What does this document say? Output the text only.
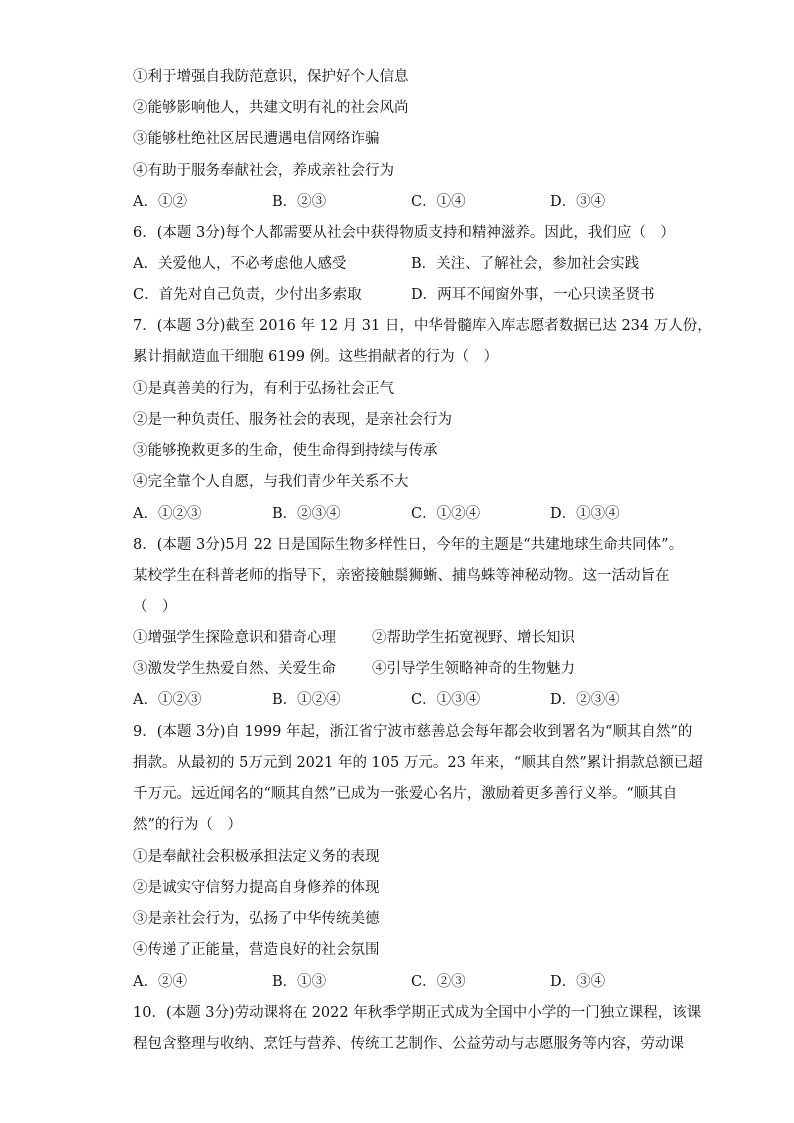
①利于增强自我防范意识，保护好个人信息
②能够影响他人，共建文明有礼的社会风尚
③能够杜绝社区居民遭遇电信网络诈骗
④有助于服务奉献社会，养成亲社会行为
A．①②	B．②③	C．①④	D．③④
6．(本题 3分)每个人都需要从社会中获得物质支持和精神滋养。因此，我们应（　）
A．关爱他人，不必考虑他人感受	B．关注、了解社会，参加社会实践
C．首先对自己负责，少付出多索取	D．两耳不闻窗外事，一心只读圣贤书
7．(本题 3分)截至 2016 年 12 月 31 日，中华骨髓库入库志愿者数据已达 234 万人份，
累计捐献造血干细胞 6199 例。这些捐献者的行为（　）
①是真善美的行为，有利于弘扬社会正气
②是一种负责任、服务社会的表现，是亲社会行为
③能够挽救更多的生命，使生命得到持续与传承
④完全靠个人自愿，与我们青少年关系不大
A．①②③	B．②③④	C．①②④	D．①③④
8．(本题 3分)5月 22 日是国际生物多样性日，今年的主题是“共建地球生命共同体”。
某校学生在科普老师的指导下，亲密接触鬃狮蜥、捕鸟蛛等神秘动物。这一活动旨在
（　）
①增强学生探险意识和猎奇心理 ②帮助学生拓宽视野、增长知识
③激发学生热爱自然、关爱生命 ④引导学生领略神奇的生物魅力
A．①②③	B．①②④	C．①③④	D．②③④
9．(本题 3分)自 1999 年起，浙江省宁波市慈善总会每年都会收到署名为“顺其自然”的
捐款。从最初的 5万元到 2021 年的 105 万元。23 年来，“顺其自然”累计捐款总额已超
千万元。远近闻名的“顺其自然”已成为一张爱心名片，激励着更多善行义举。“顺其自
然”的行为（　）
①是奉献社会积极承担法定义务的表现
②是诚实守信努力提高自身修养的体现
③是亲社会行为，弘扬了中华传统美德
④传递了正能量，营造良好的社会氛围
A．②④	B．①③	C．②③	D．③④
10．(本题 3分)劳动课将在 2022 年秋季学期正式成为全国中小学的一门独立课程，该课
程包含整理与收纳、烹饪与营养、传统工艺制作、公益劳动与志愿服务等内容，劳动课
